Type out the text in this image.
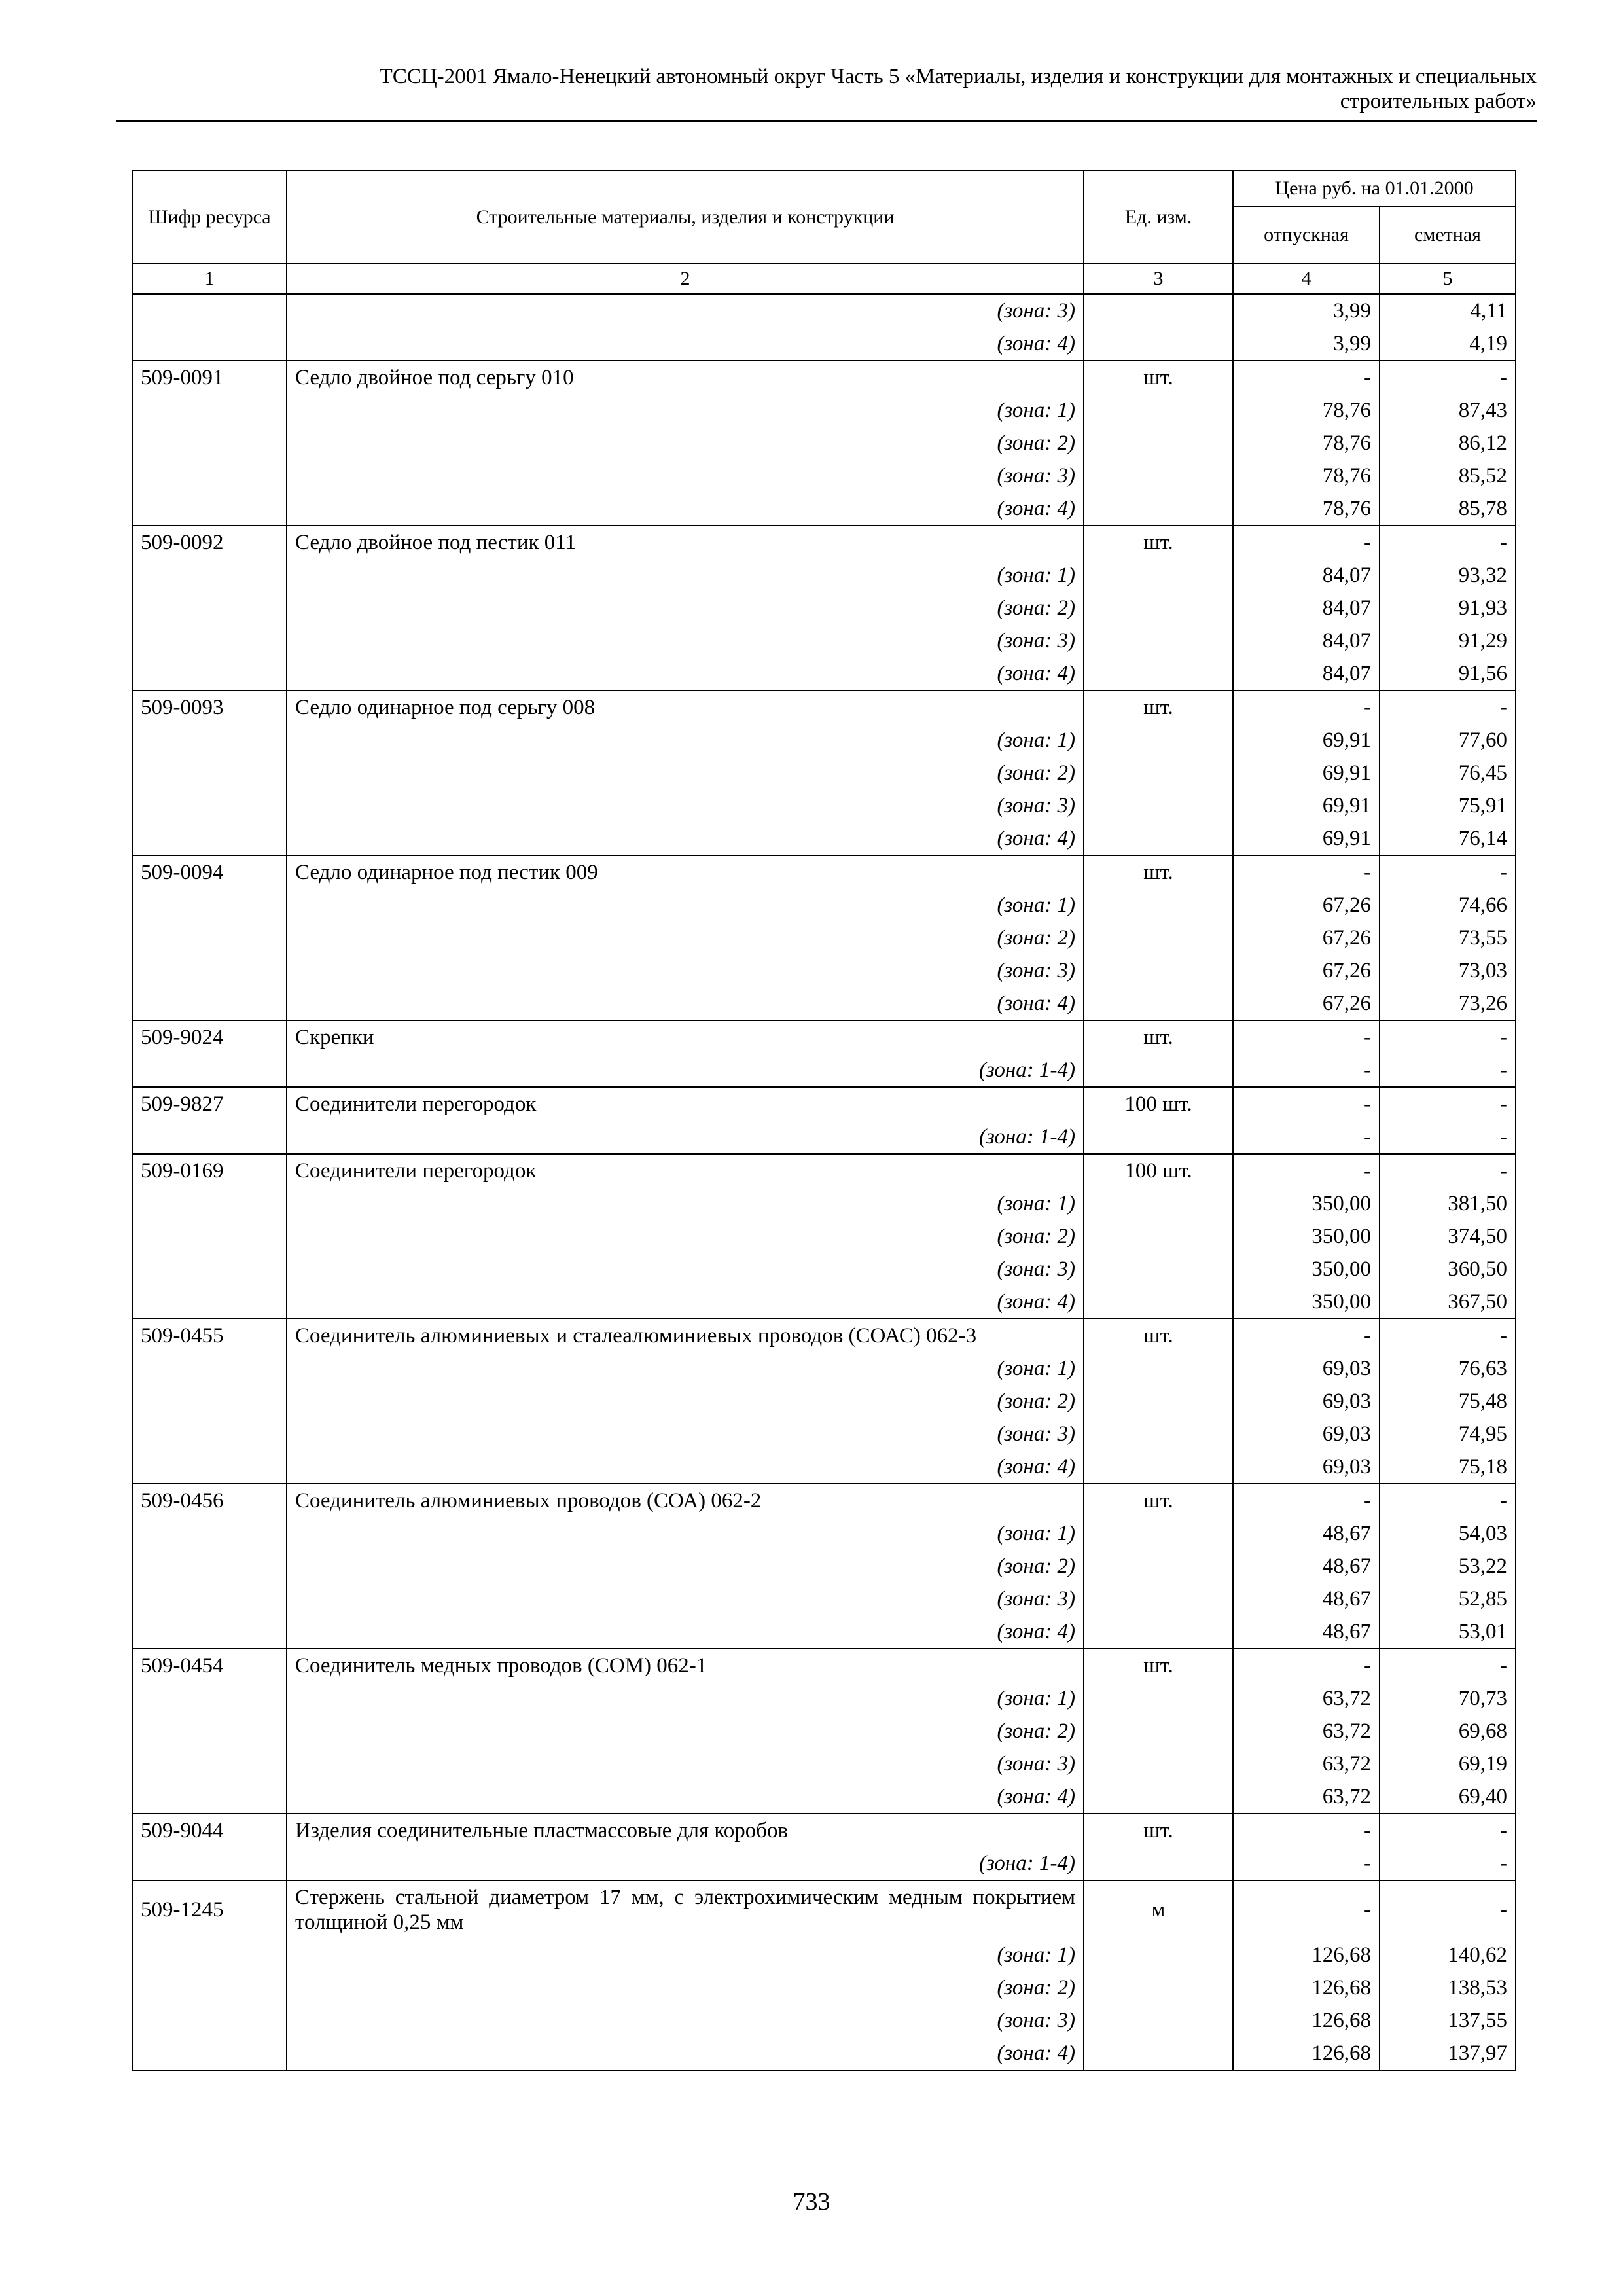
ТССЦ-2001 Ямало-Ненецкий автономный округ Часть 5 «Материалы, изделия и конструкции для монтажных и специальных
строительных работ»
Шифр ресурса	Строительные материалы, изделия и конструкции	Ед. изм.	Цена руб. на 01.01.2000	
			отпускная	сметная
1	2	3	4	5
	(зона: 3)		3,99	4,11
	(зона: 4)		3,99	4,19
509-0091	Седло двойное под серьгу 010	шт.	-	-
	(зона: 1)		78,76	87,43
	(зона: 2)		78,76	86,12
	(зона: 3)		78,76	85,52
	(зона: 4)		78,76	85,78
509-0092	Седло двойное под пестик 011	шт.	-	-
	(зона: 1)		84,07	93,32
	(зона: 2)		84,07	91,93
	(зона: 3)		84,07	91,29
	(зона: 4)		84,07	91,56
509-0093	Седло одинарное под серьгу 008	шт.	-	-
	(зона: 1)		69,91	77,60
	(зона: 2)		69,91	76,45
	(зона: 3)		69,91	75,91
	(зона: 4)		69,91	76,14
509-0094	Седло одинарное под пестик 009	шт.	-	-
	(зона: 1)		67,26	74,66
	(зона: 2)		67,26	73,55
	(зона: 3)		67,26	73,03
	(зона: 4)		67,26	73,26
509-9024	Скрепки	шт.	-	-
	(зона: 1-4)		-	-
509-9827	Соединители перегородок	100 шт.	-	-
	(зона: 1-4)		-	-
509-0169	Соединители перегородок	100 шт.	-	-
	(зона: 1)		350,00	381,50
	(зона: 2)		350,00	374,50
	(зона: 3)		350,00	360,50
	(зона: 4)		350,00	367,50
509-0455	Соединитель алюминиевых и сталеалюминиевых проводов (СОАС) 062-3	шт.	-	-
	(зона: 1)		69,03	76,63
	(зона: 2)		69,03	75,48
	(зона: 3)		69,03	74,95
	(зона: 4)		69,03	75,18
509-0456	Соединитель алюминиевых проводов (СОА) 062-2	шт.	-	-
	(зона: 1)		48,67	54,03
	(зона: 2)		48,67	53,22
	(зона: 3)		48,67	52,85
	(зона: 4)		48,67	53,01
509-0454	Соединитель медных проводов (СОМ) 062-1	шт.	-	-
	(зона: 1)		63,72	70,73
	(зона: 2)		63,72	69,68
	(зона: 3)		63,72	69,19
	(зона: 4)		63,72	69,40
509-9044	Изделия соединительные пластмассовые для коробов	шт.	-	-
	(зона: 1-4)		-	-
509-1245	Стержень стальной диаметром 17 мм, с электрохимическим медным покрытием толщиной 0,25 мм	м	-	-
	(зона: 1)		126,68	140,62
	(зона: 2)		126,68	138,53
	(зона: 3)		126,68	137,55
	(зона: 4)		126,68	137,97
733
